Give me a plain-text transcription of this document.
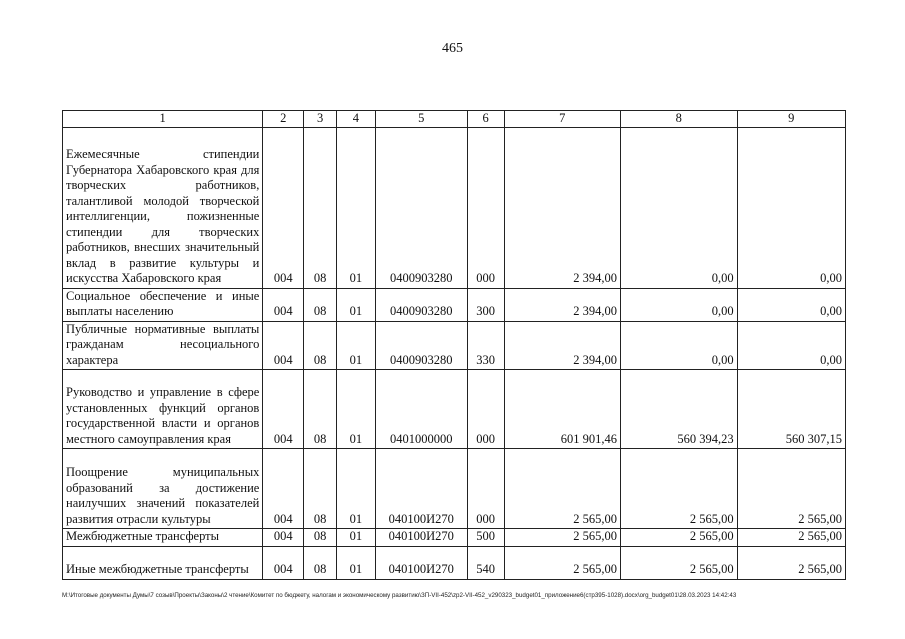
465
1	2	3	4	5	6	7	8	9
Ежемесячные стипендии Губернатора Хабаровского края для творческих работников, талантливой молодой творческой интеллигенции, пожизненные стипендии для творческих работников, внесших значительный вклад в развитие культуры и искусства Хабаровского края	004	08	01	0400903280	000	2 394,00	0,00	0,00
Социальное обеспечение и иные выплаты населению	004	08	01	0400903280	300	2 394,00	0,00	0,00
Публичные нормативные выплаты гражданам несоциального характера	004	08	01	0400903280	330	2 394,00	0,00	0,00
Руководство и управление в сфере установленных функций органов государственной власти и органов местного самоуправления края	004	08	01	0401000000	000	601 901,46	560 394,23	560 307,15
Поощрение муниципальных образований за достижение наилучших значений показателей развития отрасли культуры	004	08	01	040100И270	000	2 565,00	2 565,00	2 565,00
Межбюджетные трансферты	004	08	01	040100И270	500	2 565,00	2 565,00	2 565,00
Иные межбюджетные трансферты	004	08	01	040100И270	540	2 565,00	2 565,00	2 565,00
M:\Итоговые документы Думы\7 созыв\Проекты\Законы\2 чтение\Комитет по бюджету, налогам и экономическому развитию\ЗП-VII-452\zp2-VII-452_v290323_budget01_приложение6(стр395-1028).docx\org_budget01\28.03.2023 14:42:43
